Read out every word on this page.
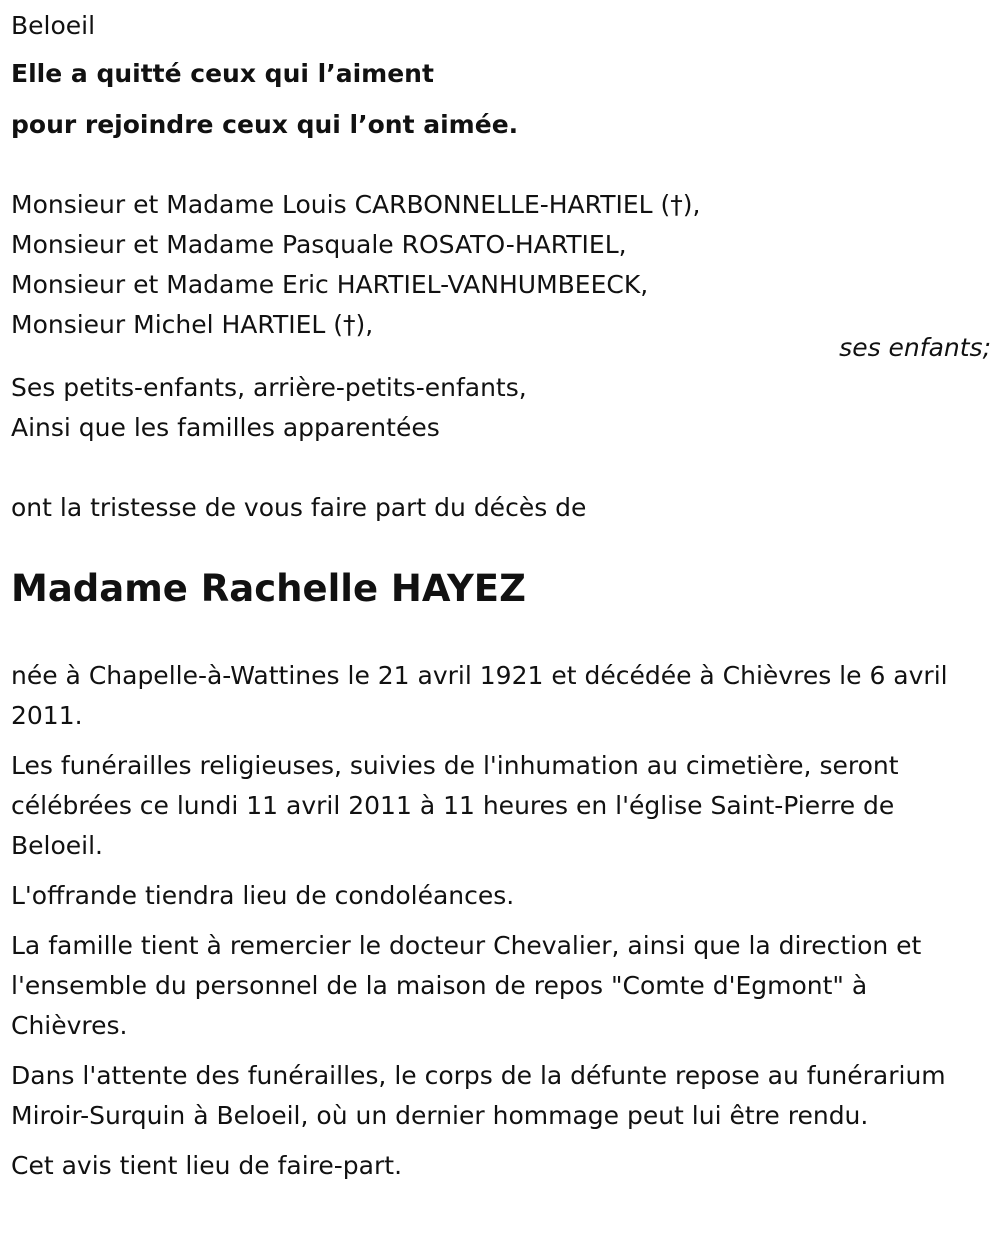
Beloeil
Elle a quitté ceux qui l’aiment
pour rejoindre ceux qui l’ont aimée.
Monsieur et Madame Louis CARBONNELLE-HARTIEL (†),
Monsieur et Madame Pasquale ROSATO-HARTIEL,
Monsieur et Madame Eric HARTIEL-VANHUMBEECK,
Monsieur Michel HARTIEL (†),
ses enfants;
Ses petits-enfants, arrière-petits-enfants,
Ainsi que les familles apparentées
ont la tristesse de vous faire part du décès de
Madame Rachelle HAYEZ

née à Chapelle-à-Wattines le 21 avril 1921 et décédée à Chièvres le 6 avril 2011.

Les funérailles religieuses, suivies de l'inhumation au cimetière, seront célébrées ce lundi 11 avril 2011 à 11 heures en l'église Saint-Pierre de Beloeil.

L'offrande tiendra lieu de condoléances.

La famille tient à remercier le docteur Chevalier, ainsi que la direction et l'ensemble du personnel de la maison de repos "Comte d'Egmont" à Chièvres.

Dans l'attente des funérailles, le corps de la défunte repose au funérarium Miroir-Surquin à Beloeil, où un dernier hommage peut lui être rendu.

Cet avis tient lieu de faire-part.
